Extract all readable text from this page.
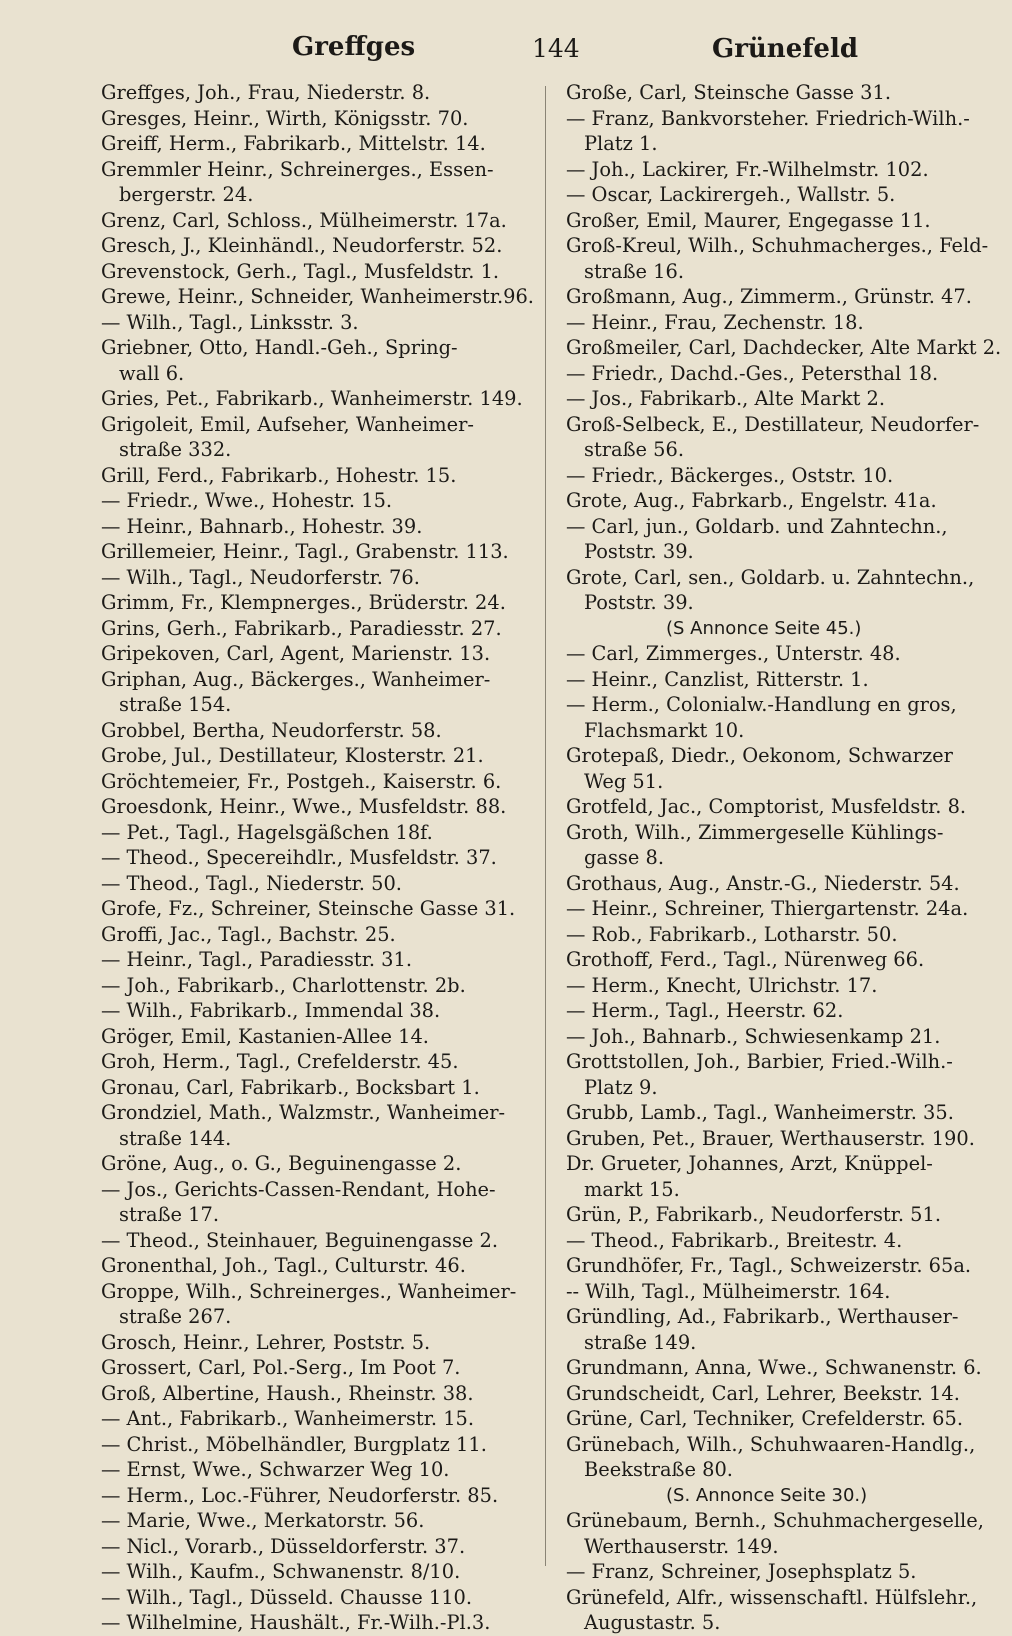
Greffges	144	Grünefeld
Greffges, Joh., Frau, Niederstr. 8.
Gresges, Heinr., Wirth, Königsstr. 70.
Greiff, Herm., Fabrikarb., Mittelstr. 14.
Gremmler Heinr., Schreinerges., Essen-
bergerstr. 24.
Grenz, Carl, Schloss., Mülheimerstr. 17a.
Gresch, J., Kleinhändl., Neudorferstr. 52.
Grevenstock, Gerh., Tagl., Musfeldstr. 1.
Grewe, Heinr., Schneider, Wanheimerstr.96.
— Wilh., Tagl., Linksstr. 3.
Griebner, Otto, Handl.-Geh., Spring-
wall 6.
Gries, Pet., Fabrikarb., Wanheimerstr. 149.
Grigoleit, Emil, Aufseher, Wanheimer-
straße 332.
Grill, Ferd., Fabrikarb., Hohestr. 15.
— Friedr., Wwe., Hohestr. 15.
— Heinr., Bahnarb., Hohestr. 39.
Grillemeier, Heinr., Tagl., Grabenstr. 113.
— Wilh., Tagl., Neudorferstr. 76.
Grimm, Fr., Klempnerges., Brüderstr. 24.
Grins, Gerh., Fabrikarb., Paradiesstr. 27.
Gripekoven, Carl, Agent, Marienstr. 13.
Griphan, Aug., Bäckerges., Wanheimer-
straße 154.
Grobbel, Bertha, Neudorferstr. 58.
Grobe, Jul., Destillateur, Klosterstr. 21.
Gröchtemeier, Fr., Postgeh., Kaiserstr. 6.
Groesdonk, Heinr., Wwe., Musfeldstr. 88.
— Pet., Tagl., Hagelsgäßchen 18f.
— Theod., Specereihdlr., Musfeldstr. 37.
— Theod., Tagl., Niederstr. 50.
Grofe, Fz., Schreiner, Steinsche Gasse 31.
Groffi, Jac., Tagl., Bachstr. 25.
— Heinr., Tagl., Paradiesstr. 31.
— Joh., Fabrikarb., Charlottenstr. 2b.
— Wilh., Fabrikarb., Immendal 38.
Gröger, Emil, Kastanien-Allee 14.
Groh, Herm., Tagl., Crefelderstr. 45.
Gronau, Carl, Fabrikarb., Bocksbart 1.
Grondziel, Math., Walzmstr., Wanheimer-
straße 144.
Gröne, Aug., o. G., Beguinengasse 2.
— Jos., Gerichts-Cassen-Rendant, Hohe-
straße 17.
— Theod., Steinhauer, Beguinengasse 2.
Gronenthal, Joh., Tagl., Culturstr. 46.
Groppe, Wilh., Schreinerges., Wanheimer-
straße 267.
Grosch, Heinr., Lehrer, Poststr. 5.
Grossert, Carl, Pol.-Serg., Im Poot 7.
Groß, Albertine, Haush., Rheinstr. 38.
— Ant., Fabrikarb., Wanheimerstr. 15.
— Christ., Möbelhändler, Burgplatz 11.
— Ernst, Wwe., Schwarzer Weg 10.
— Herm., Loc.-Führer, Neudorferstr. 85.
— Marie, Wwe., Merkatorstr. 56.
— Nicl., Vorarb., Düsseldorferstr. 37.
— Wilh., Kaufm., Schwanenstr. 8/10.
— Wilh., Tagl., Düsseld. Chausse 110.
— Wilhelmine, Haushält., Fr.-Wilh.-Pl.3.
Große, Carl, Steinsche Gasse 31.
— Franz, Bankvorsteher. Friedrich-Wilh.-
Platz 1.
— Joh., Lackirer, Fr.-Wilhelmstr. 102.
— Oscar, Lackirergeh., Wallstr. 5.
Großer, Emil, Maurer, Engegasse 11.
Groß-Kreul, Wilh., Schuhmacherges., Feld-
straße 16.
Großmann, Aug., Zimmerm., Grünstr. 47.
— Heinr., Frau, Zechenstr. 18.
Großmeiler, Carl, Dachdecker, Alte Markt 2.
— Friedr., Dachd.-Ges., Petersthal 18.
— Jos., Fabrikarb., Alte Markt 2.
Groß-Selbeck, E., Destillateur, Neudorfer-
straße 56.
— Friedr., Bäckerges., Oststr. 10.
Grote, Aug., Fabrkarb., Engelstr. 41a.
— Carl, jun., Goldarb. und Zahntechn.,
Poststr. 39.
Grote, Carl, sen., Goldarb. u. Zahntechn.,
Poststr. 39.
(S Annonce Seite 45.)
— Carl, Zimmerges., Unterstr. 48.
— Heinr., Canzlist, Ritterstr. 1.
— Herm., Colonialw.-Handlung en gros,
Flachsmarkt 10.
Grotepaß, Diedr., Oekonom, Schwarzer
Weg 51.
Grotfeld, Jac., Comptorist, Musfeldstr. 8.
Groth, Wilh., Zimmergeselle Kühlings-
gasse 8.
Grothaus, Aug., Anstr.-G., Niederstr. 54.
— Heinr., Schreiner, Thiergartenstr. 24a.
— Rob., Fabrikarb., Lotharstr. 50.
Grothoff, Ferd., Tagl., Nürenweg 66.
— Herm., Knecht, Ulrichstr. 17.
— Herm., Tagl., Heerstr. 62.
— Joh., Bahnarb., Schwiesenkamp 21.
Grottstollen, Joh., Barbier, Fried.-Wilh.-
Platz 9.
Grubb, Lamb., Tagl., Wanheimerstr. 35.
Gruben, Pet., Brauer, Werthauserstr. 190.
Dr. Grueter, Johannes, Arzt, Knüppel-
markt 15.
Grün, P., Fabrikarb., Neudorferstr. 51.
— Theod., Fabrikarb., Breitestr. 4.
Grundhöfer, Fr., Tagl., Schweizerstr. 65a.
-- Wilh, Tagl., Mülheimerstr. 164.
Gründling, Ad., Fabrikarb., Werthauser-
straße 149.
Grundmann, Anna, Wwe., Schwanenstr. 6.
Grundscheidt, Carl, Lehrer, Beekstr. 14.
Grüne, Carl, Techniker, Crefelderstr. 65.
Grünebach, Wilh., Schuhwaaren-Handlg.,
Beekstraße 80.
(S. Annonce Seite 30.)
Grünebaum, Bernh., Schuhmachergeselle,
Werthauserstr. 149.
— Franz, Schreiner, Josephsplatz 5.
Grünefeld, Alfr., wissenschaftl. Hülfslehr.,
Augustastr. 5.
